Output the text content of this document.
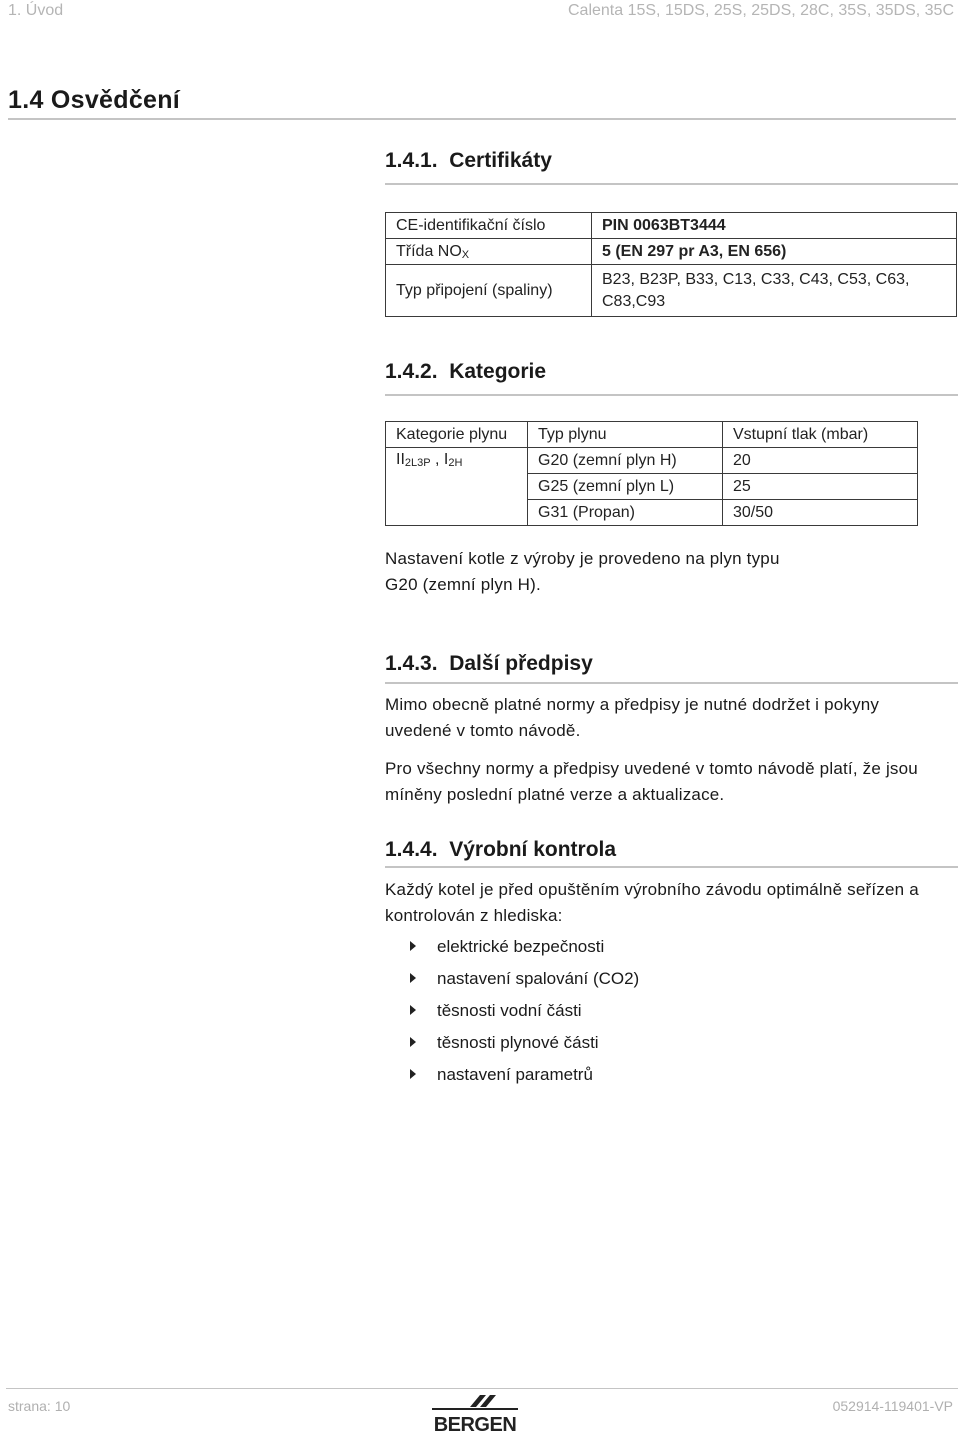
1. Úvod	Calenta 15S, 15DS, 25S, 25DS, 28C, 35S, 35DS, 35C
1.4 Osvědčení
1.4.1.  Certifikáty
CE-identifikační číslo	PIN 0063BT3444
Třída $NO_X$	5 (EN 297 pr A3, EN 656)
Typ připojení (spaliny)	B23, B23P, B33, C13, C33, C43, C53, C63,
C83,C93
1.4.2.  Kategorie
Kategorie plynu	Typ plynu	Vstupní tlak (mbar)
$II_{2L3P}$ , $I_{2H}$	G20 (zemní plyn H)	20
	G25 (zemní plyn L)	25
	G31 (Propan)	30/50
Nastavení kotle z výroby je provedeno na plyn typu
G20 (zemní plyn H).
1.4.3.  Další předpisy
Mimo obecně platné normy a předpisy je nutné dodržet i pokyny
uvedené v tomto návodě.
Pro všechny normy a předpisy uvedené v tomto návodě platí, že jsou
míněny poslední platné verze a aktualizace.
1.4.4.  Výrobní kontrola
Každý kotel je před opuštěním výrobního závodu optimálně seřízen a
kontrolován z hlediska:
elektrické bezpečnosti
nastavení spalování (CO2)
těsnosti vodní části
těsnosti plynové části
nastavení parametrů
strana: 10	052914-119401-VP
BERGEN
